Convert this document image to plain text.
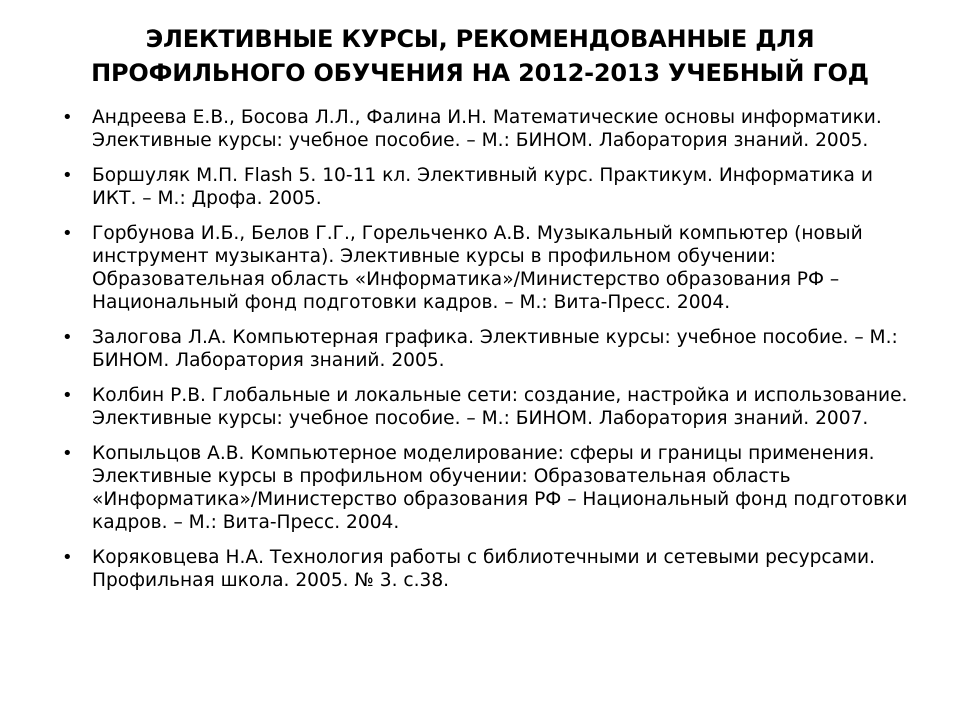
ЭЛЕКТИВНЫЕ КУРСЫ, РЕКОМЕНДОВАННЫЕ ДЛЯ ПРОФИЛЬНОГО ОБУЧЕНИЯ НА 2012-2013 УЧЕБНЫЙ ГОД
• Андреева Е.В., Босова Л.Л., Фалина И.Н. Математические основы информатики. Элективные курсы: учебное пособие. – М.: БИНОМ. Лаборатория знаний. 2005.
• Боршуляк М.П. Flash 5. 10-11 кл. Элективный курс. Практикум. Информатика и ИКТ. – М.: Дрофа. 2005.
• Горбунова И.Б., Белов Г.Г., Горельченко А.В. Музыкальный компьютер (новый инструмент музыканта). Элективные курсы в профильном обучении: Образовательная область «Информатика»/Министерство образования РФ – Национальный фонд подготовки кадров. – М.: Вита-Пресс. 2004.
• Залогова Л.А. Компьютерная графика. Элективные курсы: учебное пособие. – М.: БИНОМ. Лаборатория знаний. 2005.
• Колбин Р.В. Глобальные и локальные сети: создание, настройка и использование. Элективные курсы: учебное пособие. – М.: БИНОМ. Лаборатория знаний. 2007.
• Копыльцов А.В. Компьютерное моделирование: сферы и границы применения. Элективные курсы в профильном обучении: Образовательная область «Информатика»/Министерство образования РФ – Национальный фонд подготовки кадров. – М.: Вита-Пресс. 2004.
• Коряковцева Н.А. Технология работы с библиотечными и сетевыми ресурсами. Профильная школа. 2005. № 3. с.38.
